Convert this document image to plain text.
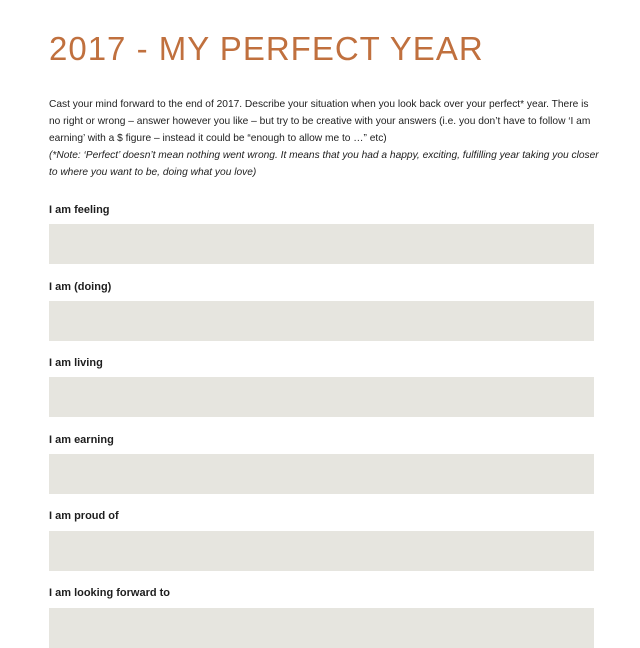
2017 - MY PERFECT YEAR

Cast your mind forward to the end of 2017. Describe your situation when you look back over your perfect* year. There is no right or wrong – answer however you like – but try to be creative with your answers (i.e. you don’t have to follow ‘I am earning’ with a $ figure – instead it could be “enough to allow me to …” etc)

(*Note: ‘Perfect’ doesn’t mean nothing went wrong. It means that you had a happy, exciting, fulfilling year taking you closer to where you want to be, doing what you love)

I am feeling
I am (doing)
I am living
I am earning
I am proud of
I am looking forward to
